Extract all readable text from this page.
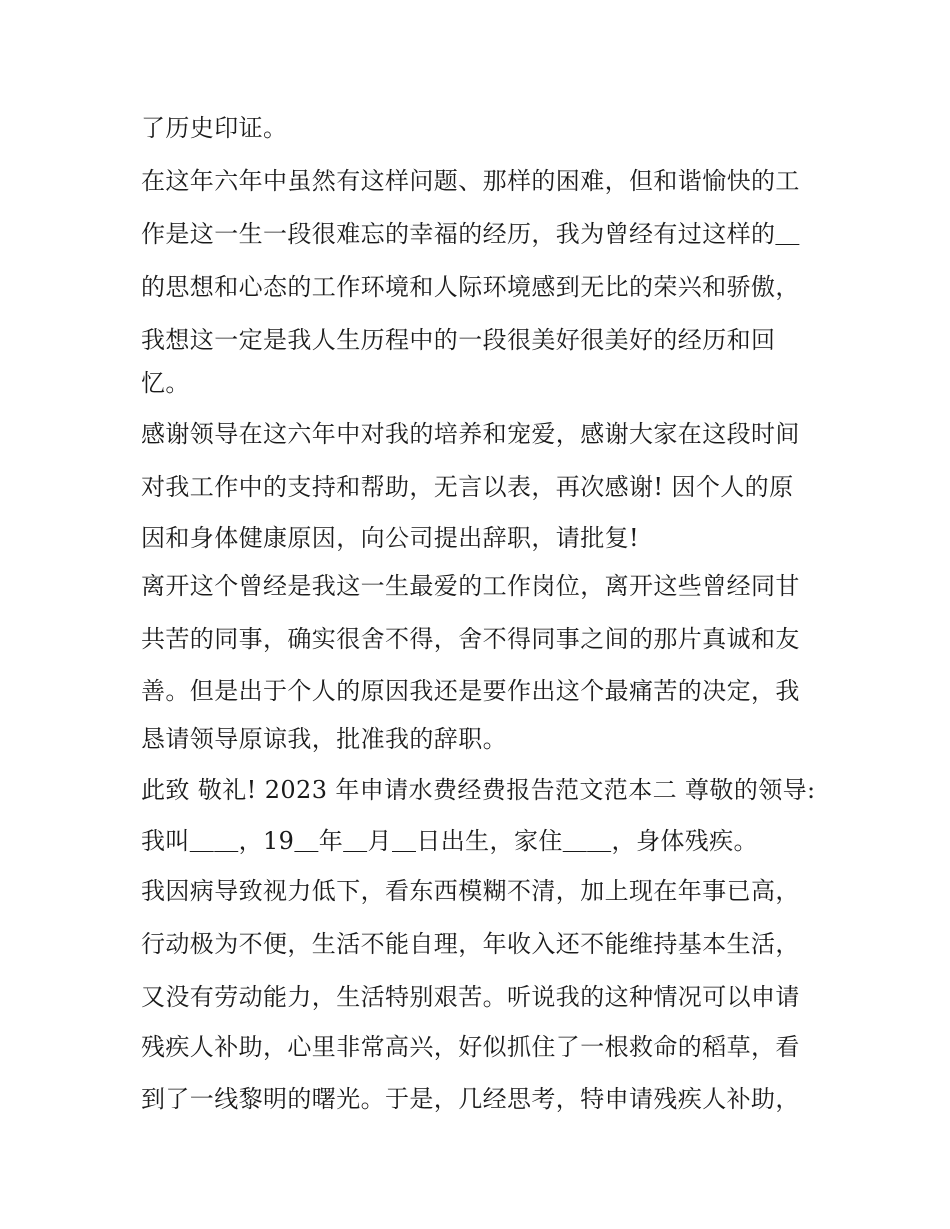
了历史印证。
在这年六年中虽然有这样问题、那样的困难，但和谐愉快的工
作是这一生一段很难忘的幸福的经历，我为曾经有过这样的＿
的思想和心态的工作环境和人际环境感到无比的荣兴和骄傲，
我想这一定是我人生历程中的一段很美好很美好的经历和回
忆。
感谢领导在这六年中对我的培养和宠爱，感谢大家在这段时间
对我工作中的支持和帮助，无言以表，再次感谢! 因个人的原
因和身体健康原因，向公司提出辞职，请批复!
离开这个曾经是我这一生最爱的工作岗位，离开这些曾经同甘
共苦的同事，确实很舍不得，舍不得同事之间的那片真诚和友
善。但是出于个人的原因我还是要作出这个最痛苦的决定，我
恳请领导原谅我，批准我的辞职。
此致 敬礼! 2023 年申请水费经费报告范文范本二 尊敬的领导:
我叫＿＿，19＿年＿月＿日出生，家住＿＿，身体残疾。
我因病导致视力低下，看东西模糊不清，加上现在年事已高，
行动极为不便，生活不能自理，年收入还不能维持基本生活，
又没有劳动能力，生活特别艰苦。听说我的这种情况可以申请
残疾人补助，心里非常高兴，好似抓住了一根救命的稻草，看
到了一线黎明的曙光。于是，几经思考，特申请残疾人补助，
